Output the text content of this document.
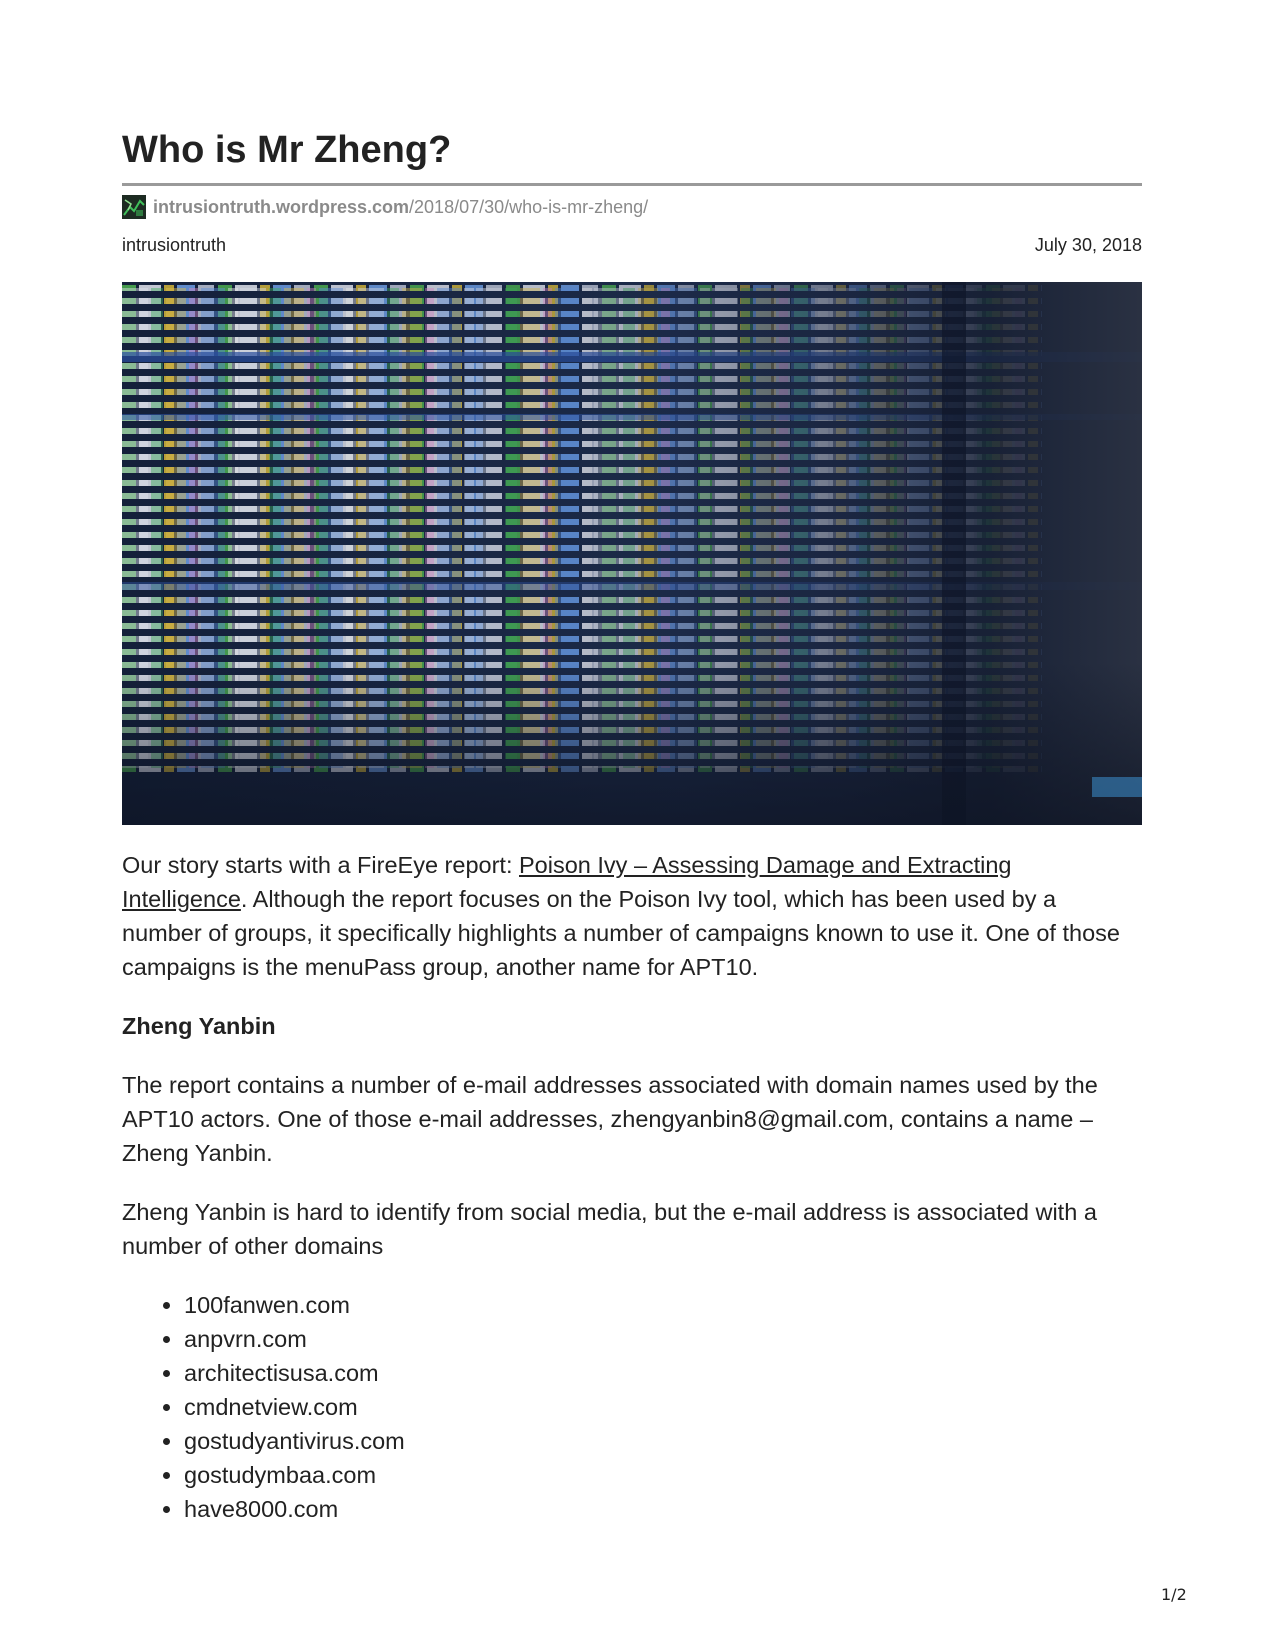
Who is Mr Zheng?
intrusiontruth.wordpress.com /2018/07/30/who-is-mr-zheng/
intrusiontruth	July 30, 2018

Our story starts with a FireEye report: Poison Ivy – Assessing Damage and Extracting Intelligence. Although the report focuses on the Poison Ivy tool, which has been used by a number of groups, it specifically highlights a number of campaigns known to use it. One of those campaigns is the menuPass group, another name for APT10.

Zheng Yanbin

The report contains a number of e-mail addresses associated with domain names used by the APT10 actors. One of those e-mail addresses, zhengyanbin8@gmail.com, contains a name – Zheng Yanbin.

Zheng Yanbin is hard to identify from social media, but the e-mail address is associated with a number of other domains

• 100fanwen.com
• anpvrn.com
• architectisusa.com
• cmdnetview.com
• gostudyantivirus.com
• gostudymbaa.com
• have8000.com
1/2
